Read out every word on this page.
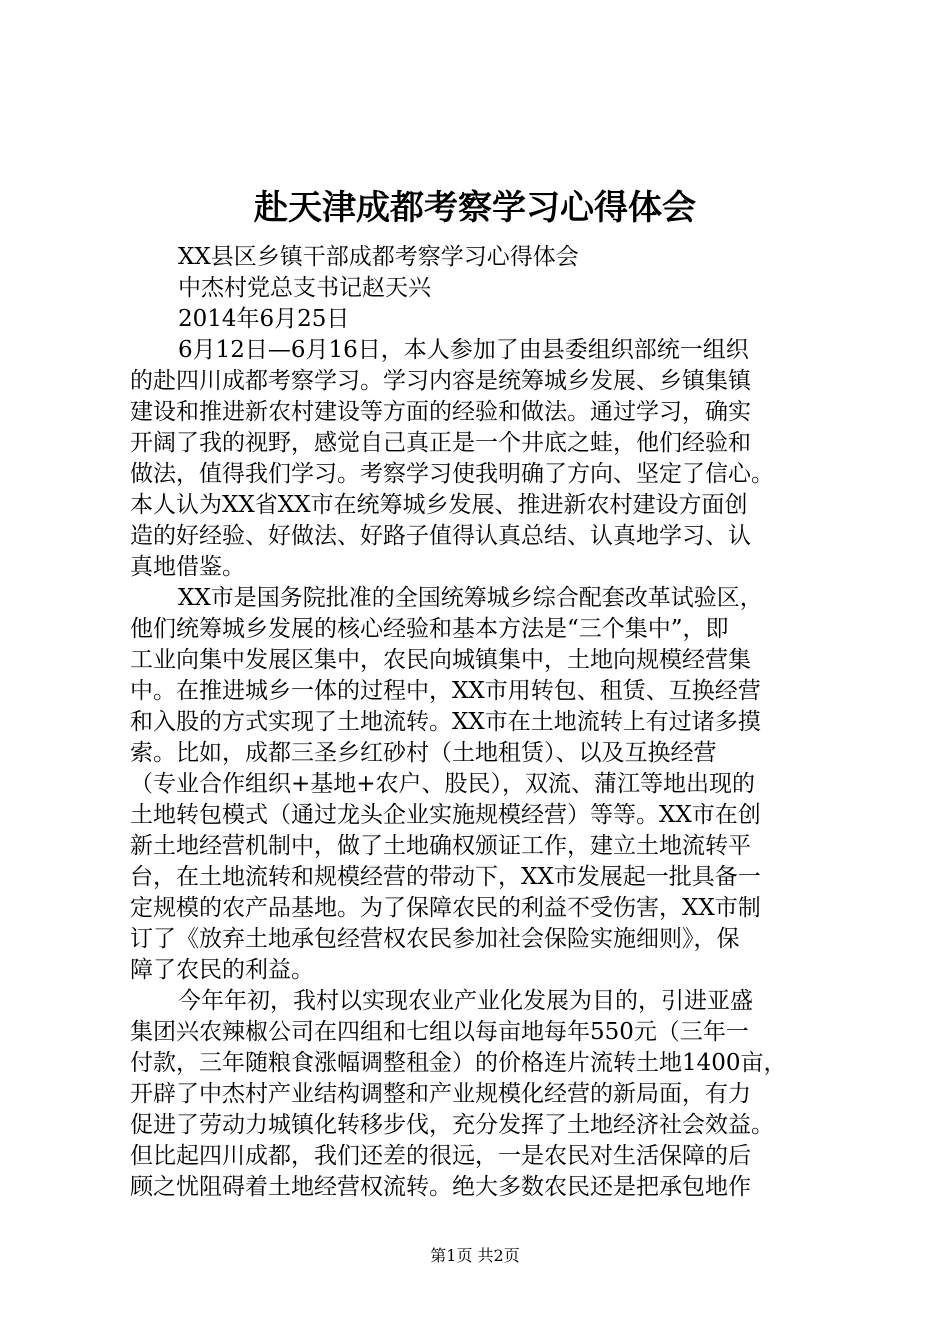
赴天津成都考察学习心得体会

XX县区乡镇干部成都考察学习心得体会

中杰村党总支书记赵天兴

2014年6月25日

6月12日—6月16日，本人参加了由县委组织部统一组织

的赴四川成都考察学习。学习内容是统筹城乡发展、乡镇集镇

建设和推进新农村建设等方面的经验和做法。通过学习，确实

开阔了我的视野，感觉自己真正是一个井底之蛙，他们经验和

做法，值得我们学习。考察学习使我明确了方向、坚定了信心。

本人认为XX省XX市在统筹城乡发展、推进新农村建设方面创

造的好经验、好做法、好路子值得认真总结、认真地学习、认

真地借鉴。

XX市是国务院批准的全国统筹城乡综合配套改革试验区，

他们统筹城乡发展的核心经验和基本方法是“三个集中”，即

工业向集中发展区集中，农民向城镇集中，土地向规模经营集

中。在推进城乡一体的过程中，XX市用转包、租赁、互换经营

和入股的方式实现了土地流转。XX市在土地流转上有过诸多摸

索。比如，成都三圣乡红砂村（土地租赁）、以及互换经营

（专业合作组织+基地+农户、股民），双流、蒲江等地出现的

土地转包模式（通过龙头企业实施规模经营）等等。XX市在创

新土地经营机制中，做了土地确权颁证工作，建立土地流转平

台，在土地流转和规模经营的带动下，XX市发展起一批具备一

定规模的农产品基地。为了保障农民的利益不受伤害，XX市制

订了《放弃土地承包经营权农民参加社会保险实施细则》，保

障了农民的利益。

今年年初，我村以实现农业产业化发展为目的，引进亚盛

集团兴农辣椒公司在四组和七组以每亩地每年550元（三年一

付款，三年随粮食涨幅调整租金）的价格连片流转土地1400亩，

开辟了中杰村产业结构调整和产业规模化经营的新局面，有力

促进了劳动力城镇化转移步伐，充分发挥了土地经济社会效益。

但比起四川成都，我们还差的很远，一是农民对生活保障的后

顾之忧阻碍着土地经营权流转。绝大多数农民还是把承包地作

第1页 共2页
